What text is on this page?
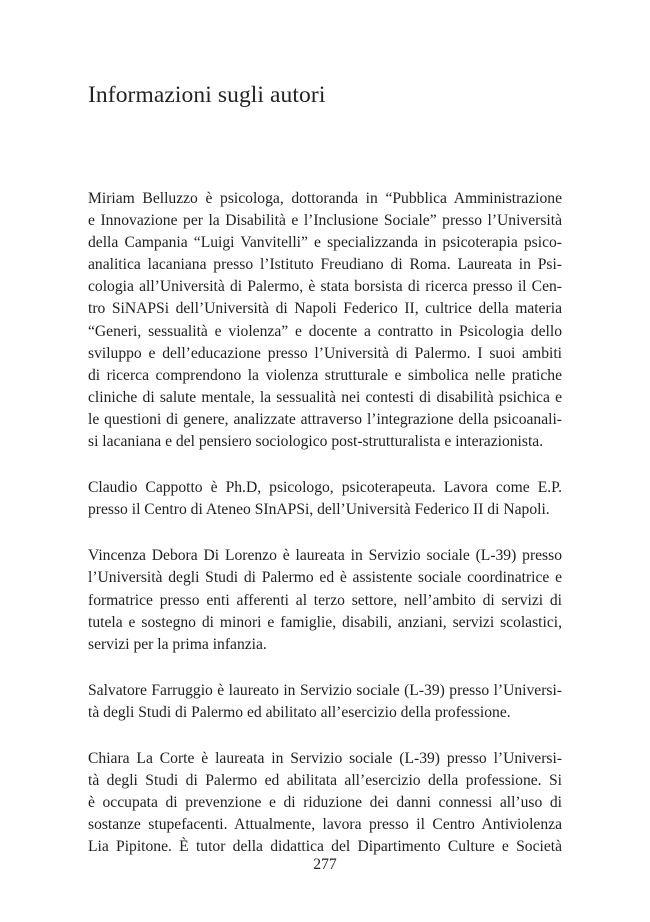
Informazioni sugli autori

Miriam Belluzzo è psicologa, dottoranda in “Pubblica Amministrazione
e Innovazione per la Disabilità e l’Inclusione Sociale” presso l’Università
della Campania “Luigi Vanvitelli” e specializzanda in psicoterapia psico-
analitica lacaniana presso l’Istituto Freudiano di Roma. Laureata in Psi-
cologia all’Università di Palermo, è stata borsista di ricerca presso il Cen-
tro SiNAPSi dell’Università di Napoli Federico II, cultrice della materia
“Generi, sessualità e violenza” e docente a contratto in Psicologia dello
sviluppo e dell’educazione presso l’Università di Palermo. I suoi ambiti
di ricerca comprendono la violenza strutturale e simbolica nelle pratiche
cliniche di salute mentale, la sessualità nei contesti di disabilità psichica e
le questioni di genere, analizzate attraverso l’integrazione della psicoanali-
si lacaniana e del pensiero sociologico post-strutturalista e interazionista.

Claudio Cappotto è Ph.D, psicologo, psicoterapeuta. Lavora come E.P.
presso il Centro di Ateneo SInAPSi, dell’Università Federico II di Napoli.

Vincenza Debora Di Lorenzo è laureata in Servizio sociale (L-39) presso
l’Università degli Studi di Palermo ed è assistente sociale coordinatrice e
formatrice presso enti afferenti al terzo settore, nell’ambito di servizi di
tutela e sostegno di minori e famiglie, disabili, anziani, servizi scolastici,
servizi per la prima infanzia.

Salvatore Farruggio è laureato in Servizio sociale (L-39) presso l’Universi-
tà degli Studi di Palermo ed abilitato all’esercizio della professione.

Chiara La Corte è laureata in Servizio sociale (L-39) presso l’Universi-
tà degli Studi di Palermo ed abilitata all’esercizio della professione. Si
è occupata di prevenzione e di riduzione dei danni connessi all’uso di
sostanze stupefacenti. Attualmente, lavora presso il Centro Antiviolenza
Lia Pipitone. È tutor della didattica del Dipartimento Culture e Società

277
